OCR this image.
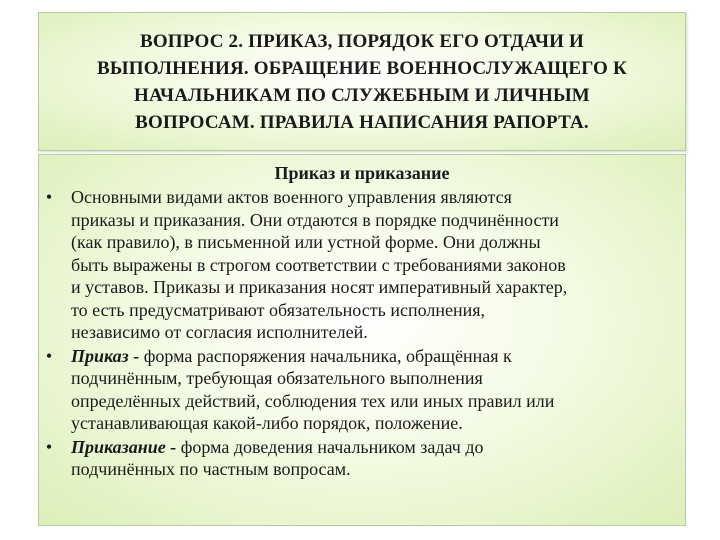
ВОПРОС 2. ПРИКАЗ, ПОРЯДОК ЕГО ОТДАЧИ И
ВЫПОЛНЕНИЯ. ОБРАЩЕНИЕ ВОЕННОСЛУЖАЩЕГО К
НАЧАЛЬНИКАМ ПО СЛУЖЕБНЫМ И ЛИЧНЫМ
ВОПРОСАМ. ПРАВИЛА НАПИСАНИЯ РАПОРТА.

Приказ и приказание

• Основными видами актов военного управления являются
приказы и приказания. Они отдаются в порядке подчинённости
(как правило), в письменной или устной форме. Они должны
быть выражены в строгом соответствии с требованиями законов
и уставов. Приказы и приказания носят императивный характер,
то есть предусматривают обязательность исполнения,
независимо от согласия исполнителей.
• Приказ - форма распоряжения начальника, обращённая к
подчинённым, требующая обязательного выполнения
определённых действий, соблюдения тех или иных правил или
устанавливающая какой-либо порядок, положение.
• Приказание - форма доведения начальником задач до
подчинённых по частным вопросам.
